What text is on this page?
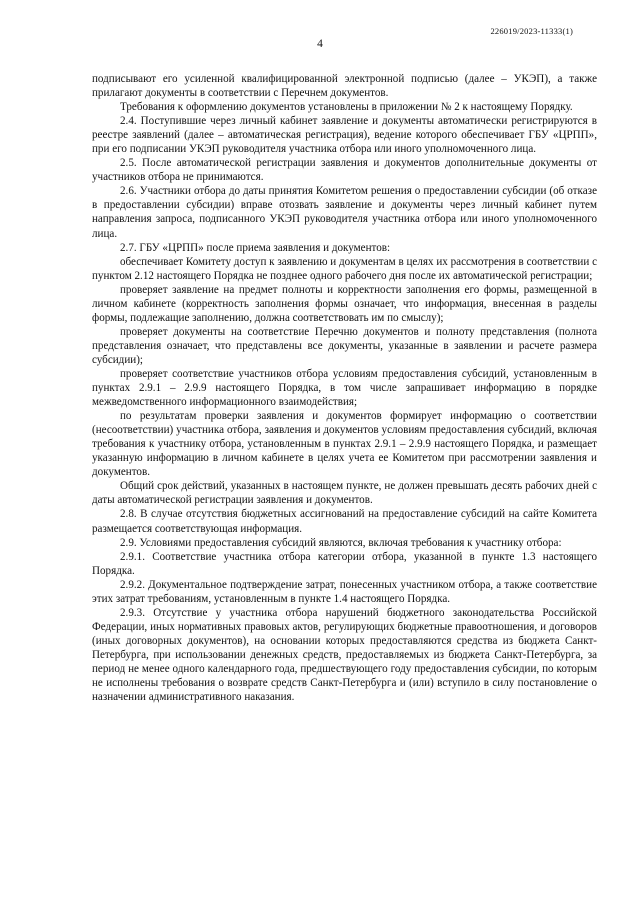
226019/2023-11333(1)
4

подписывают его усиленной квалифицированной электронной подписью (далее – УКЭП), а также прилагают документы в соответствии с Перечнем документов.

Требования к оформлению документов установлены в приложении № 2 к настоящему Порядку.

2.4. Поступившие через личный кабинет заявление и документы автоматически регистрируются в реестре заявлений (далее – автоматическая регистрация), ведение которого обеспечивает ГБУ «ЦРПП», при его подписании УКЭП руководителя участника отбора или иного уполномоченного лица.

2.5. После автоматической регистрации заявления и документов дополнительные документы от участников отбора не принимаются.

2.6. Участники отбора до даты принятия Комитетом решения о предоставлении субсидии (об отказе в предоставлении субсидии) вправе отозвать заявление и документы через личный кабинет путем направления запроса, подписанного УКЭП руководителя участника отбора или иного уполномоченного лица.

2.7. ГБУ «ЦРПП» после приема заявления и документов:

обеспечивает Комитету доступ к заявлению и документам в целях их рассмотрения в соответствии с пунктом 2.12 настоящего Порядка не позднее одного рабочего дня после их автоматической регистрации;

проверяет заявление на предмет полноты и корректности заполнения его формы, размещенной в личном кабинете (корректность заполнения формы означает, что информация, внесенная в разделы формы, подлежащие заполнению, должна соответствовать им по смыслу);

проверяет документы на соответствие Перечню документов и полноту представления (полнота представления означает, что представлены все документы, указанные в заявлении и расчете размера субсидии);

проверяет соответствие участников отбора условиям предоставления субсидий, установленным в пунктах 2.9.1 – 2.9.9 настоящего Порядка, в том числе запрашивает информацию в порядке межведомственного информационного взаимодействия;

по результатам проверки заявления и документов формирует информацию о соответствии (несоответствии) участника отбора, заявления и документов условиям предоставления субсидий, включая требования к участнику отбора, установленным в пунктах 2.9.1 – 2.9.9 настоящего Порядка, и размещает указанную информацию в личном кабинете в целях учета ее Комитетом при рассмотрении заявления и документов.

Общий срок действий, указанных в настоящем пункте, не должен превышать десять рабочих дней с даты автоматической регистрации заявления и документов.

2.8. В случае отсутствия бюджетных ассигнований на предоставление субсидий на сайте Комитета размещается соответствующая информация.

2.9. Условиями предоставления субсидий являются, включая требования к участнику отбора:

2.9.1. Соответствие участника отбора категории отбора, указанной в пункте 1.3 настоящего Порядка.

2.9.2. Документальное подтверждение затрат, понесенных участником отбора, а также соответствие этих затрат требованиям, установленным в пункте 1.4 настоящего Порядка.

2.9.3. Отсутствие у участника отбора нарушений бюджетного законодательства Российской Федерации, иных нормативных правовых актов, регулирующих бюджетные правоотношения, и договоров (иных договорных документов), на основании которых предоставляются средства из бюджета Санкт-Петербурга, при использовании денежных средств, предоставляемых из бюджета Санкт-Петербурга, за период не менее одного календарного года, предшествующего году предоставления субсидии, по которым не исполнены требования о возврате средств Санкт-Петербурга и (или) вступило в силу постановление о назначении административного наказания.
